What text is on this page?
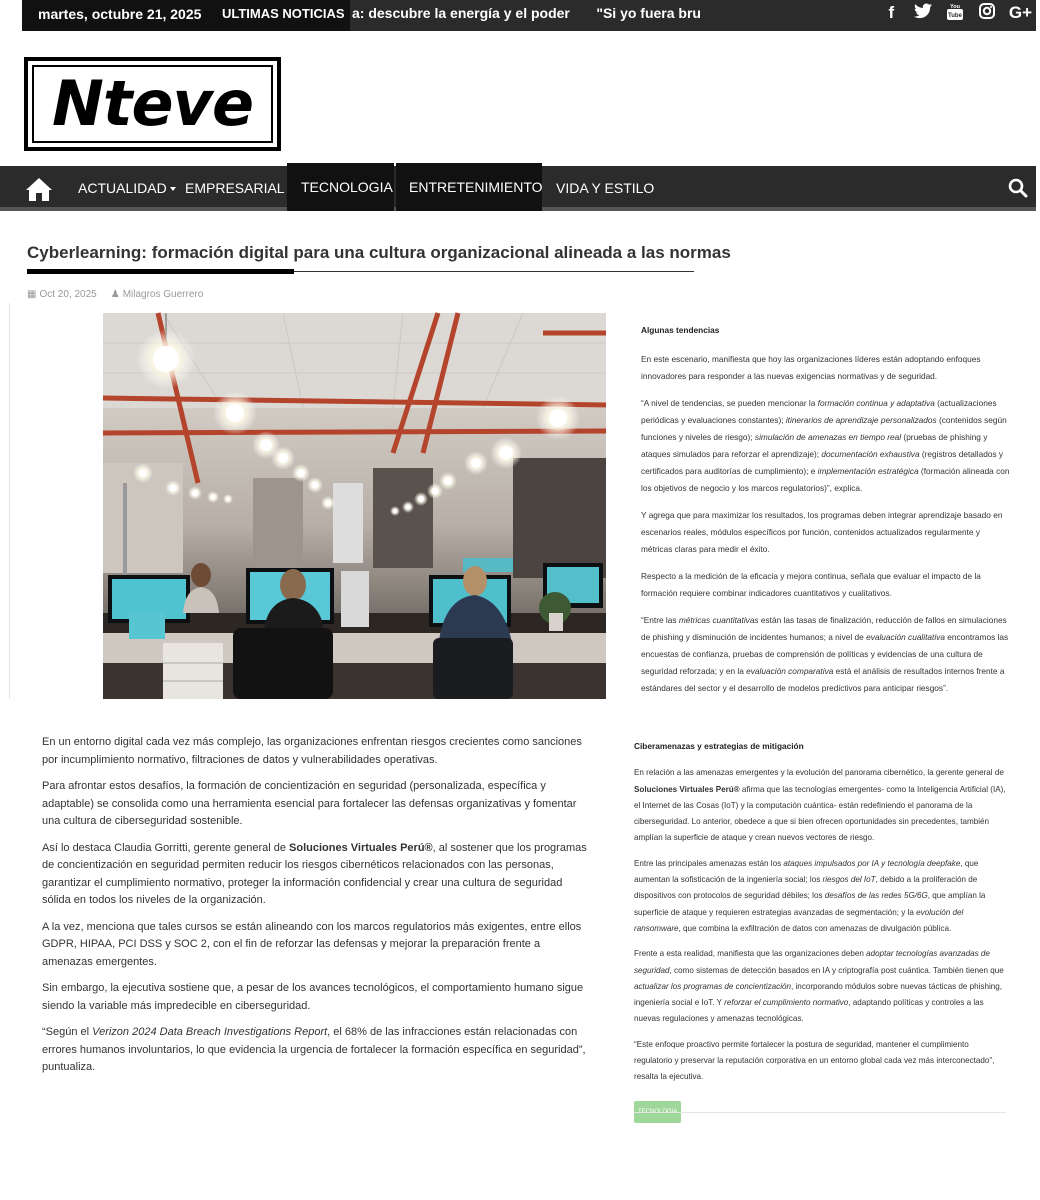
martes, octubre 21, 2025 ULTIMAS NOTICIAS a: descubre la energía y el poder "Si yo fuera bru	f	Tube
You	G+
Nteve
ACTUALIDAD	EMPRESARIAL	TECNOLOGIA	ENTRETENIMIENTO VIDA Y ESTILO
Cyberlearning: formación digital para una cultura organizacional alineada a las normas
▦ Oct 20, 2025 ♟ Milagros Guerrero
Algunas tendencias

En este escenario, manifiesta que hoy las organizaciones líderes están adoptando enfoques innovadores para responder a las nuevas exigencias normativas y de seguridad.

“A nivel de tendencias, se pueden mencionar la formación continua y adaptativa (actualizaciones periódicas y evaluaciones constantes); itinerarios de aprendizaje personalizados (contenidos según funciones y niveles de riesgo); simulación de amenazas en tiempo real (pruebas de phishing y ataques simulados para reforzar el aprendizaje); documentación exhaustiva (registros detallados y certificados para auditorías de cumplimiento); e implementación estratégica (formación alineada con los objetivos de negocio y los marcos regulatorios)”, explica.

Y agrega que para maximizar los resultados, los programas deben integrar aprendizaje basado en escenarios reales, módulos específicos por función, contenidos actualizados regularmente y métricas claras para medir el éxito.

Respecto a la medición de la eficacia y mejora continua, señala que evaluar el impacto de la formación requiere combinar indicadores cuantitativos y cualitativos.

“Entre las métricas cuantitativas están las tasas de finalización, reducción de fallos en simulaciones de phishing y disminución de incidentes humanos; a nivel de evaluación cualitativa encontramos las encuestas de confianza, pruebas de comprensión de políticas y evidencias de una cultura de seguridad reforzada; y en la evaluación comparativa está el análisis de resultados internos frente a estándares del sector y el desarrollo de modelos predictivos para anticipar riesgos”.

En un entorno digital cada vez más complejo, las organizaciones enfrentan riesgos crecientes como sanciones por incumplimiento normativo, filtraciones de datos y vulnerabilidades operativas.

Para afrontar estos desafíos, la formación de concientización en seguridad (personalizada, específica y adaptable) se consolida como una herramienta esencial para fortalecer las defensas organizativas y fomentar una cultura de ciberseguridad sostenible.

Así lo destaca Claudia Gorritti, gerente general de Soluciones Virtuales Perú®, al sostener que los programas de concientización en seguridad permiten reducir los riesgos cibernéticos relacionados con las personas, garantizar el cumplimiento normativo, proteger la información confidencial y crear una cultura de seguridad sólida en todos los niveles de la organización.

A la vez, menciona que tales cursos se están alineando con los marcos regulatorios más exigentes, entre ellos GDPR, HIPAA, PCI DSS y SOC 2, con el fin de reforzar las defensas y mejorar la preparación frente a amenazas emergentes.

Sin embargo, la ejecutiva sostiene que, a pesar de los avances tecnológicos, el comportamiento humano sigue siendo la variable más impredecible en ciberseguridad.

“Según el Verizon 2024 Data Breach Investigations Report, el 68% de las infracciones están relacionadas con errores humanos involuntarios, lo que evidencia la urgencia de fortalecer la formación específica en seguridad”, puntualiza.

Ciberamenazas y estrategias de mitigación

En relación a las amenazas emergentes y la evolución del panorama cibernético, la gerente general de Soluciones Virtuales Perú® afirma que las tecnologías emergentes- como la Inteligencia Artificial (IA), el Internet de las Cosas (IoT) y la computación cuántica- están redefiniendo el panorama de la ciberseguridad. Lo anterior, obedece a que si bien ofrecen oportunidades sin precedentes, también amplían la superficie de ataque y crean nuevos vectores de riesgo.

Entre las principales amenazas están los ataques impulsados por IA y tecnología deepfake, que aumentan la sofisticación de la ingeniería social; los riesgos del IoT, debido a la proliferación de dispositivos con protocolos de seguridad débiles; los desafíos de las redes 5G/6G, que amplían la superficie de ataque y requieren estrategias avanzadas de segmentación; y la evolución del ransomware, que combina la exfiltración de datos con amenazas de divulgación pública.

Frente a esta realidad, manifiesta que las organizaciones deben adoptar tecnologías avanzadas de seguridad, como sistemas de detección basados en IA y criptografía post cuántica. También tienen que actualizar los programas de concientización, incorporando módulos sobre nuevas tácticas de phishing, ingeniería social e IoT. Y reforzar el cumplimiento normativo, adaptando políticas y controles a las nuevas regulaciones y amenazas tecnológicas.

“Este enfoque proactivo permite fortalecer la postura de seguridad, mantener el cumplimiento regulatorio y preservar la reputación corporativa en un entorno global cada vez más interconectado”, resalta la ejecutiva.
